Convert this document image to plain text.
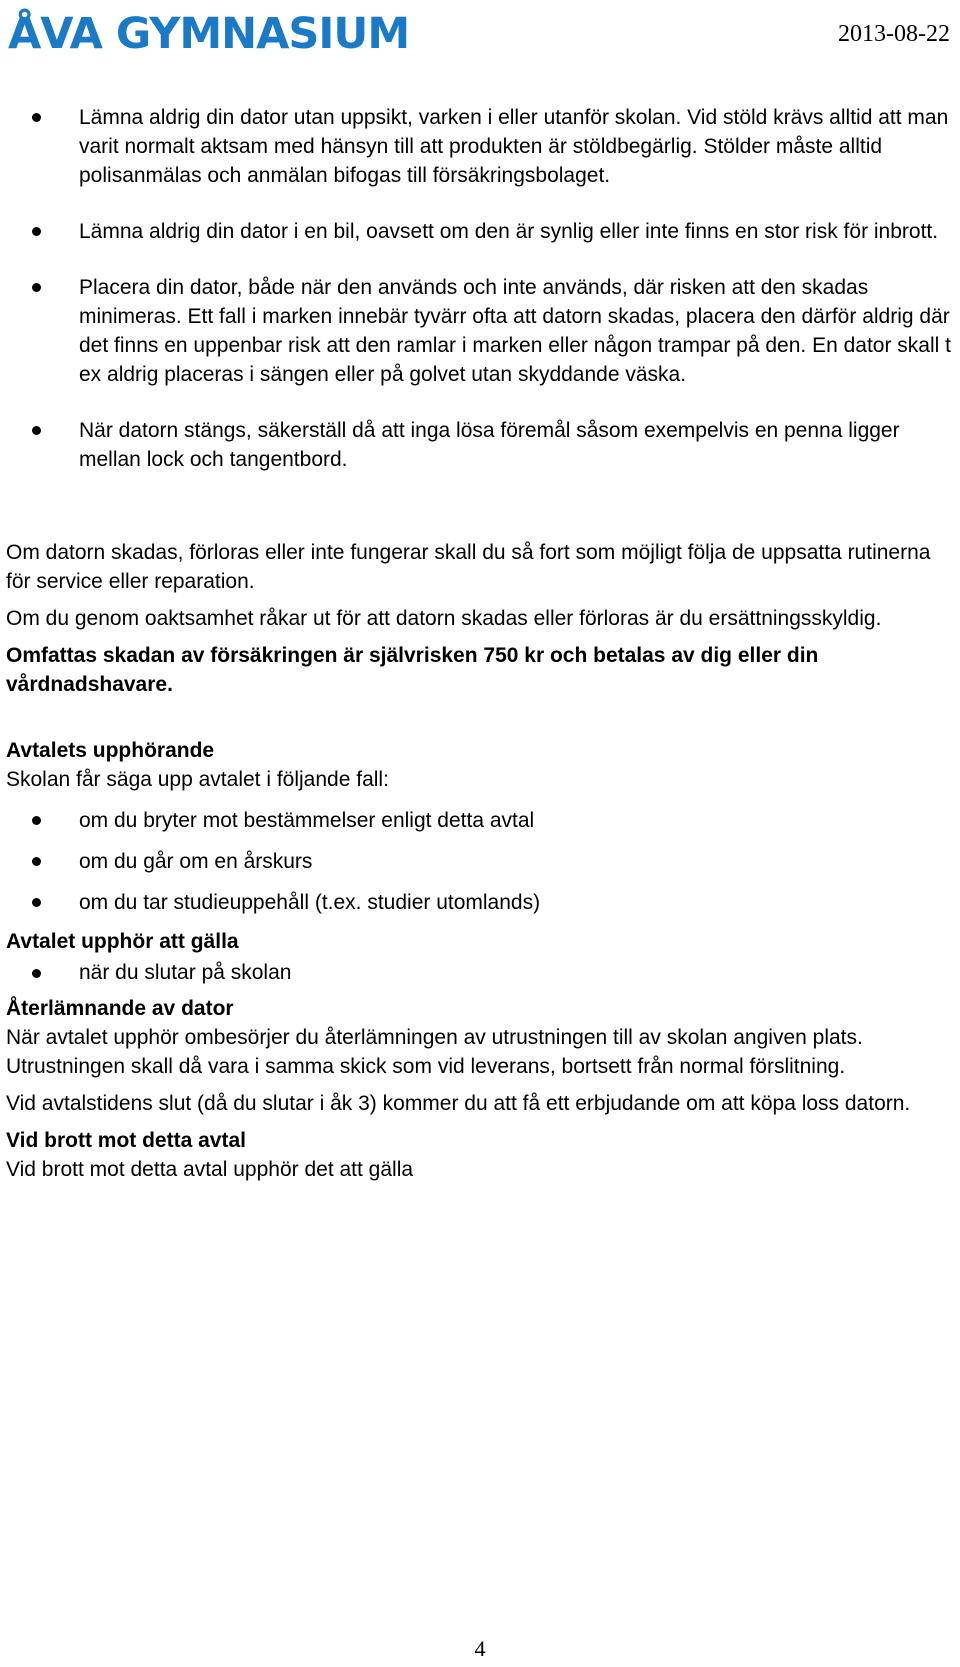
ÅVA GYMNASIUM	2013-08-22
Lämna aldrig din dator utan uppsikt, varken i eller utanför skolan. Vid stöld krävs alltid att man varit normalt aktsam med hänsyn till att produkten är stöldbegärlig. Stölder måste alltid polisanmälas och anmälan bifogas till försäkringsbolaget.
Lämna aldrig din dator i en bil, oavsett om den är synlig eller inte finns en stor risk för inbrott.
Placera din dator, både när den används och inte används, där risken att den skadas minimeras. Ett fall i marken innebär tyvärr ofta att datorn skadas, placera den därför aldrig där det finns en uppenbar risk att den ramlar i marken eller någon trampar på den. En dator skall t ex aldrig placeras i sängen eller på golvet utan skyddande väska.
När datorn stängs, säkerställ då att inga lösa föremål såsom exempelvis en penna ligger mellan lock och tangentbord.

Om datorn skadas, förloras eller inte fungerar skall du så fort som möjligt följa de uppsatta rutinerna för service eller reparation.

Om du genom oaktsamhet råkar ut för att datorn skadas eller förloras är du ersättningsskyldig.

Omfattas skadan av försäkringen är självrisken 750 kr och betalas av dig eller din vårdnadshavare.

Avtalets upphörande

Skolan får säga upp avtalet i följande fall:

om du bryter mot bestämmelser enligt detta avtal
om du går om en årskurs
om du tar studieuppehåll (t.ex. studier utomlands)

Avtalet upphör att gälla

när du slutar på skolan

Återlämnande av dator

När avtalet upphör ombesörjer du återlämningen av utrustningen till av skolan angiven plats. Utrustningen skall då vara i samma skick som vid leverans, bortsett från normal förslitning.

Vid avtalstidens slut (då du slutar i åk 3) kommer du att få ett erbjudande om att köpa loss datorn.

Vid brott mot detta avtal

Vid brott mot detta avtal upphör det att gälla

4
